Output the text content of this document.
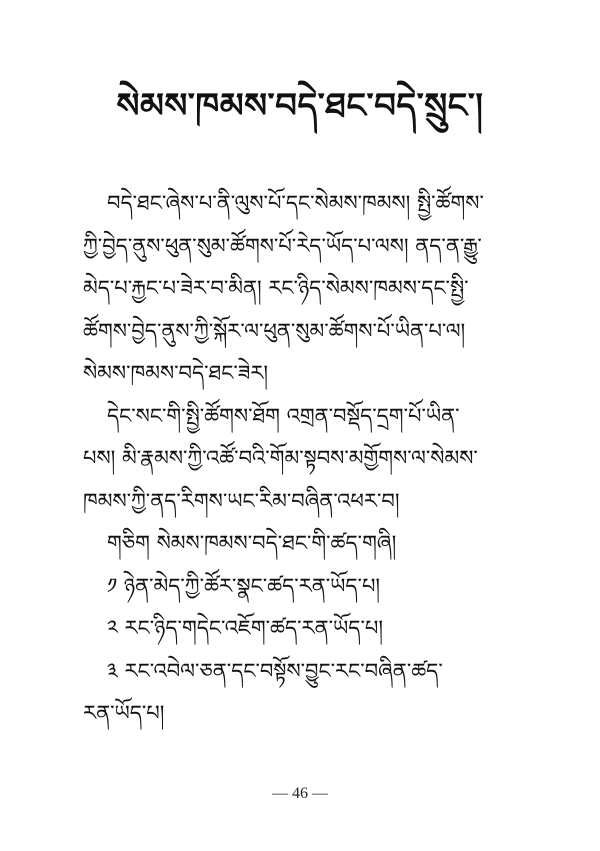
སེམས་ཁམས་བདེ་ཐང་བདེ་སྲུང་།
བདེ་ཐང་ཞེས་པ་ནི་ལུས་པོ་དང་སེམས་ཁམས། སྤྱི་ཚོགས་
ཀྱི་བྱེད་ནུས་ཕུན་སུམ་ཚོགས་པོ་རེད་ཡོད་པ་ལས། ནད་ན་རྒྱུ་
མེད་པ་རྐྱང་པ་ཟེར་བ་མིན། རང་ཉིད་སེམས་ཁམས་དང་སྤྱི་
ཚོགས་བྱེད་ནུས་ཀྱི་སྐོར་ལ་ཕུན་སུམ་ཚོགས་པོ་ཡིན་པ་ལ།
སེམས་ཁམས་བདེ་ཐང་ཟེར།
དེང་སང་གི་སྤྱི་ཚོགས་ཐོག འགྲན་བསྡོད་དྲག་པོ་ཡིན་
པས། མི་རྣམས་ཀྱི་འཚོ་བའི་གོམ་སྟབས་མགྱོགས་ལ་སེམས་
ཁམས་ཀྱི་ནད་རིགས་ཡང་རིམ་བཞིན་འཕར་བ།
གཅིག སེམས་ཁམས་བདེ་ཐང་གི་ཚད་གཞི།
༡ ཉེན་མེད་ཀྱི་ཚོར་སྣང་ཚད་རན་ཡོད་པ།
༢ རང་ཉིད་གདེང་འཇོག་ཚད་རན་ཡོད་པ།
༣ རང་འབེལ་ཅན་དང་བསྟོས་བྱུང་རང་བཞིན་ཚད་
རན་ཡོད་པ།
— 46 —
